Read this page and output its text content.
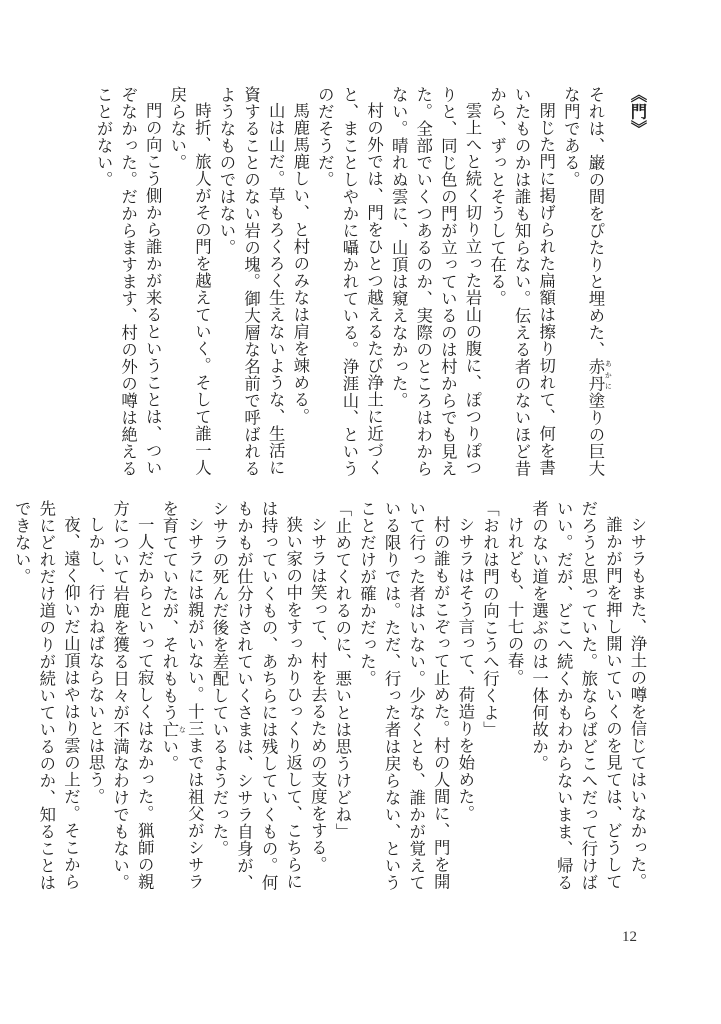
《門》

それは、巌の間をぴたりと埋めた、赤丹 あかに塗りの巨大な門である。

閉じた門に掲げられた扁額は擦り切れて、何を書いたものかは誰も知らない。伝える者のないほど昔から、ずっとそうして在る。

雲上へと続く切り立った岩山の腹に、ぽつりぽつりと、同じ色の門が立っているのは村からでも見えた。全部でいくつあるのか、実際のところはわからない。晴れぬ雲に、山頂は窺えなかった。

村の外では、門をひとつ越えるたび浄土に近づくと、まことしやかに囁かれている。浄涯山、というのだそうだ。

馬鹿馬鹿しい、と村のみなは肩を竦める。

山は山だ。草もろくろく生えないような、生活に資することのない岩の塊。御大層な名前で呼ばれるようなものではない。

時折、旅人がその門を越えていく。そして誰一人戻らない。

門の向こう側から誰かが来るということは、ついぞなかった。だからますます、村の外の噂は絶えることがない。

シサラもまた、浄土の噂を信じてはいなかった。

誰かが門を押し開いていくのを見ては、どうしてだろうと思っていた。旅ならばどこへだって行けばいい。だが、どこへ続くかもわからないまま、帰る者のない道を選ぶのは一体何故か。

けれども、十七の春。

「おれは門の向こうへ行くよ」

シサラはそう言って、荷造りを始めた。

村の誰もがこぞって止めた。村の人間に、門を開いて行った者はいない。少なくとも、誰かが覚えている限りでは。ただ、行った者は戻らない、ということだけが確かだった。

「止めてくれるのに、悪いとは思うけどね」

シサラは笑って、村を去るための支度をする。

狭い家の中をすっかりひっくり返して、こちらには持っていくもの、あちらには残していくもの。何もかもが仕分けされていくさまは、シサラ自身が、シサラの死んだ後を差配しているようだった。

シサラには親がいない。十三までは祖父がシサラを育てていたが、それももう亡 ない。

一人だからといって寂しくはなかった。猟師の親方について岩鹿を獲る日々が不満なわけでもない。

しかし、行かねばならないとは思う。

夜、遠く仰いだ山頂はやはり雲の上だ。そこから先にどれだけ道のりが続いているのか、知ることはできない。

12
